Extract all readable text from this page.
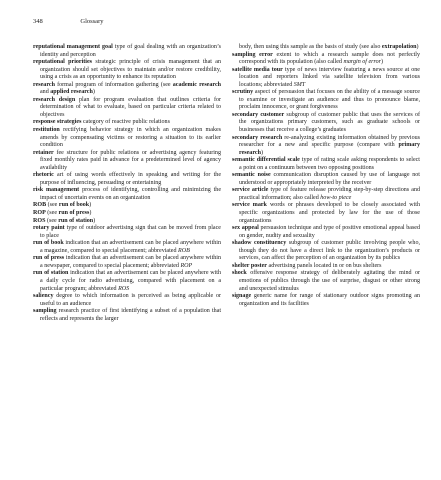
348	Glossary

reputational management goal type of goal dealing with an organization’s identity and perception

reputational priorities strategic principle of crisis management that an organization should set objectives to maintain and/or restore credibility, using a crisis as an opportunity to enhance its reputation

research formal program of information gathering (see academic research and applied research)

research design plan for program evaluation that outlines criteria for determination of what to evaluate, based on particular criteria related to objectives

response strategies category of reactive public relations

restitution rectifying behavior strategy in which an organization makes amends by compensating victims or restoring a situation to its earlier condition

retainer fee structure for public relations or advertising agency featuring fixed monthly rates paid in advance for a predetermined level of agency availability

rhetoric art of using words effectively in speaking and writing for the purpose of influencing, persuading or entertaining

risk management process of identifying, controlling and minimizing the impact of uncertain events on an organization

ROB (see run of book)

ROP (see run of press)

ROS (see run of station)

rotary paint type of outdoor advertising sign that can be moved from place to place

run of book indication that an advertisement can be placed anywhere within a magazine, compared to special placement; abbreviated ROB

run of press indication that an advertisement can be placed anywhere within a newspaper, compared to special placement; abbreviated ROP

run of station indication that an advertisement can be placed anywhere with a daily cycle for radio advertising, compared with placement on a particular program; abbreviated ROS

saliency degree to which information is perceived as being applicable or useful to an audience

sampling research practice of first identifying a subset of a population that reflects and represents the larger

body, then using this sample as the basis of study (see also extrapolation)

sampling error extent to which a research sample does not perfectly correspond with its population (also called margin of error)

satellite media tour type of news interview featuring a news source at one location and reporters linked via satellite television from various locations; abbreviated SMT

scrutiny aspect of persuasion that focuses on the ability of a message source to examine or investigate an audience and thus to pronounce blame, proclaim innocence, or grant forgiveness

secondary customer subgroup of customer public that uses the services of the organizations primary customers, such as graduate schools or businesses that receive a college’s graduates

secondary research re-analyzing existing information obtained by previous researcher for a new and specific purpose (compare with primary research)

semantic differential scale type of rating scale asking respondents to select a point on a continuum between two opposing positions

semantic noise communication disruption caused by use of language not understood or appropriately interpreted by the receiver

service article type of feature release providing step-by-step directions and practical information; also called how-to piece

service mark words or phrases developed to be closely associated with specific organizations and protected by law for the use of those organizations

sex appeal persuasion technique and type of positive emotional appeal based on gender, nudity and sexuality

shadow constituency subgroup of customer public involving people who, though they do not have a direct link to the organization’s products or services, can affect the perception of an organization by its publics

shelter poster advertising panels located in or on bus shelters

shock offensive response strategy of deliberately agitating the mind or emotions of publics through the use of surprise, disgust or other strong and unexpected stimulus

signage generic name for range of stationary outdoor signs promoting an organization and its facilities
